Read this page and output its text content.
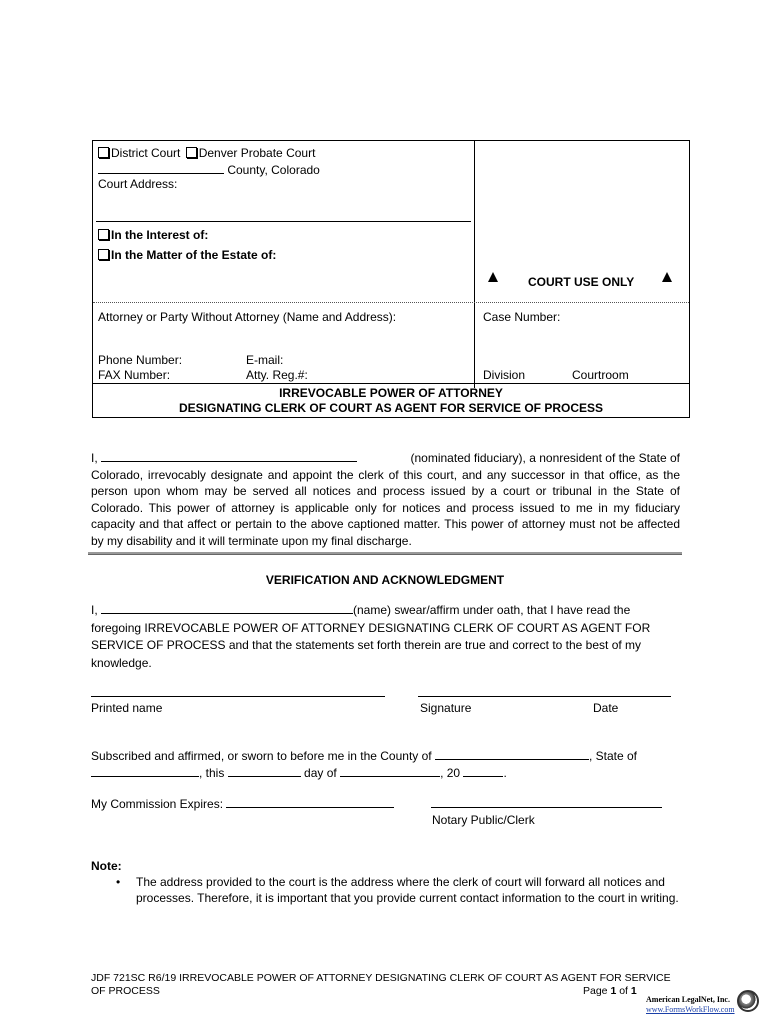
District Court Denver Probate Court
County, Colorado
Court Address:
In the Interest of:
In the Matter of the Estate of:
COURT USE ONLY
Attorney or Party Without Attorney (Name and Address):	Case Number:
Phone Number:	E-mail:
FAX Number:	Atty. Reg.#:	Division	Courtroom
IRREVOCABLE POWER OF ATTORNEY
DESIGNATING CLERK OF COURT AS AGENT FOR SERVICE OF PROCESS
I,	(nominated fiduciary), a nonresident of the State of
Colorado, irrevocably designate and appoint the clerk of this court, and any successor in that office, as the person upon whom may be served all notices and process issued by a court or tribunal in the State of Colorado. This power of attorney is applicable only for notices and process issued to me in my fiduciary capacity and that affect or pertain to the above captioned matter. This power of attorney must not be affected by my disability and it will terminate upon my final discharge.
VERIFICATION AND ACKNOWLEDGMENT
I,	(name) swear/affirm under oath, that I have read the
foregoing IRREVOCABLE POWER OF ATTORNEY DESIGNATING CLERK OF COURT AS AGENT FOR SERVICE OF PROCESS and that the statements set forth therein are true and correct to the best of my knowledge.
Printed name	Signature	Date
Subscribed and affirmed, or sworn to before me in the County of	, State of
, this	day of	, 20	.
My Commission Expires:
Notary Public/Clerk
Note:
• The address provided to the court is the address where the clerk of court will forward all notices and processes. Therefore, it is important that you provide current contact information to the court in writing.
JDF 721SC R6/19 IRREVOCABLE POWER OF ATTORNEY DESIGNATING CLERK OF COURT AS AGENT FOR SERVICE
OF PROCESS	Page 1 of 1
American LegalNet, Inc.
www.FormsWorkFlow.com
